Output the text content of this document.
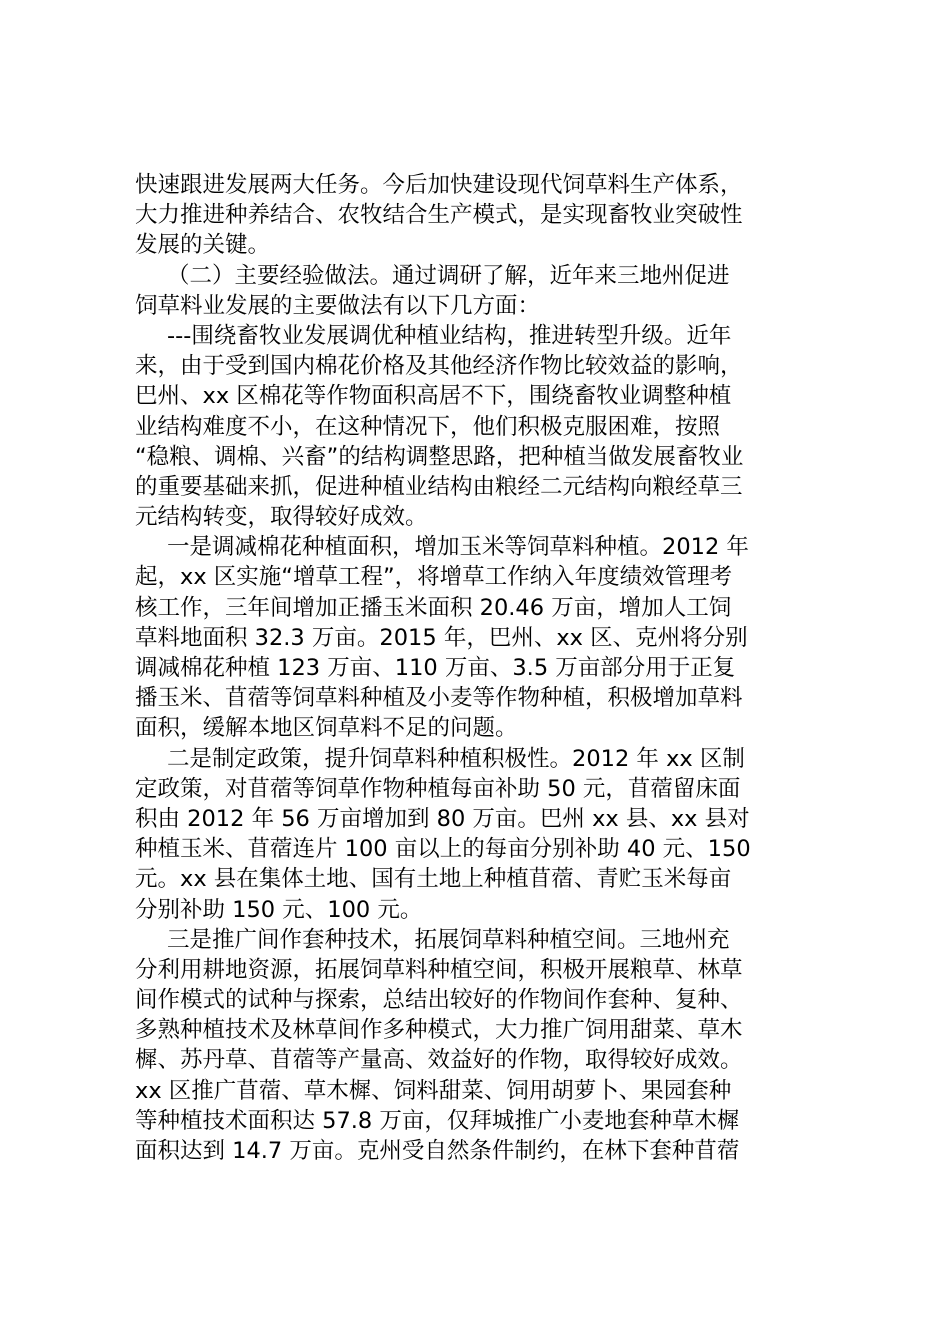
快速跟进发展两大任务。今后加快建设现代饲草料生产体系，
大力推进种养结合、农牧结合生产模式，是实现畜牧业突破性
发展的关键。
（二）主要经验做法。通过调研了解，近年来三地州促进
饲草料业发展的主要做法有以下几方面：
---围绕畜牧业发展调优种植业结构，推进转型升级。近年
来，由于受到国内棉花价格及其他经济作物比较效益的影响，
巴州、xx 区棉花等作物面积高居不下，围绕畜牧业调整种植
业结构难度不小，在这种情况下，他们积极克服困难，按照
“稳粮、调棉、兴畜”的结构调整思路，把种植当做发展畜牧业
的重要基础来抓，促进种植业结构由粮经二元结构向粮经草三
元结构转变，取得较好成效。
一是调减棉花种植面积，增加玉米等饲草料种植。2012 年
起，xx 区实施“增草工程”，将增草工作纳入年度绩效管理考
核工作，三年间增加正播玉米面积 20.46 万亩，增加人工饲
草料地面积 32.3 万亩。2015 年，巴州、xx 区、克州将分别
调减棉花种植 123 万亩、110 万亩、3.5 万亩部分用于正复
播玉米、苜蓿等饲草料种植及小麦等作物种植，积极增加草料
面积，缓解本地区饲草料不足的问题。
二是制定政策，提升饲草料种植积极性。2012 年 xx 区制
定政策，对苜蓿等饲草作物种植每亩补助 50 元，苜蓿留床面
积由 2012 年 56 万亩增加到 80 万亩。巴州 xx 县、xx 县对
种植玉米、苜蓿连片 100 亩以上的每亩分别补助 40 元、150
元。xx 县在集体土地、国有土地上种植苜蓿、青贮玉米每亩
分别补助 150 元、100 元。
三是推广间作套种技术，拓展饲草料种植空间。三地州充
分利用耕地资源，拓展饲草料种植空间，积极开展粮草、林草
间作模式的试种与探索，总结出较好的作物间作套种、复种、
多熟种植技术及林草间作多种模式，大力推广饲用甜菜、草木
樨、苏丹草、苜蓿等产量高、效益好的作物，取得较好成效。
xx 区推广苜蓿、草木樨、饲料甜菜、饲用胡萝卜、果园套种
等种植技术面积达 57.8 万亩，仅拜城推广小麦地套种草木樨
面积达到 14.7 万亩。克州受自然条件制约，在林下套种苜蓿
